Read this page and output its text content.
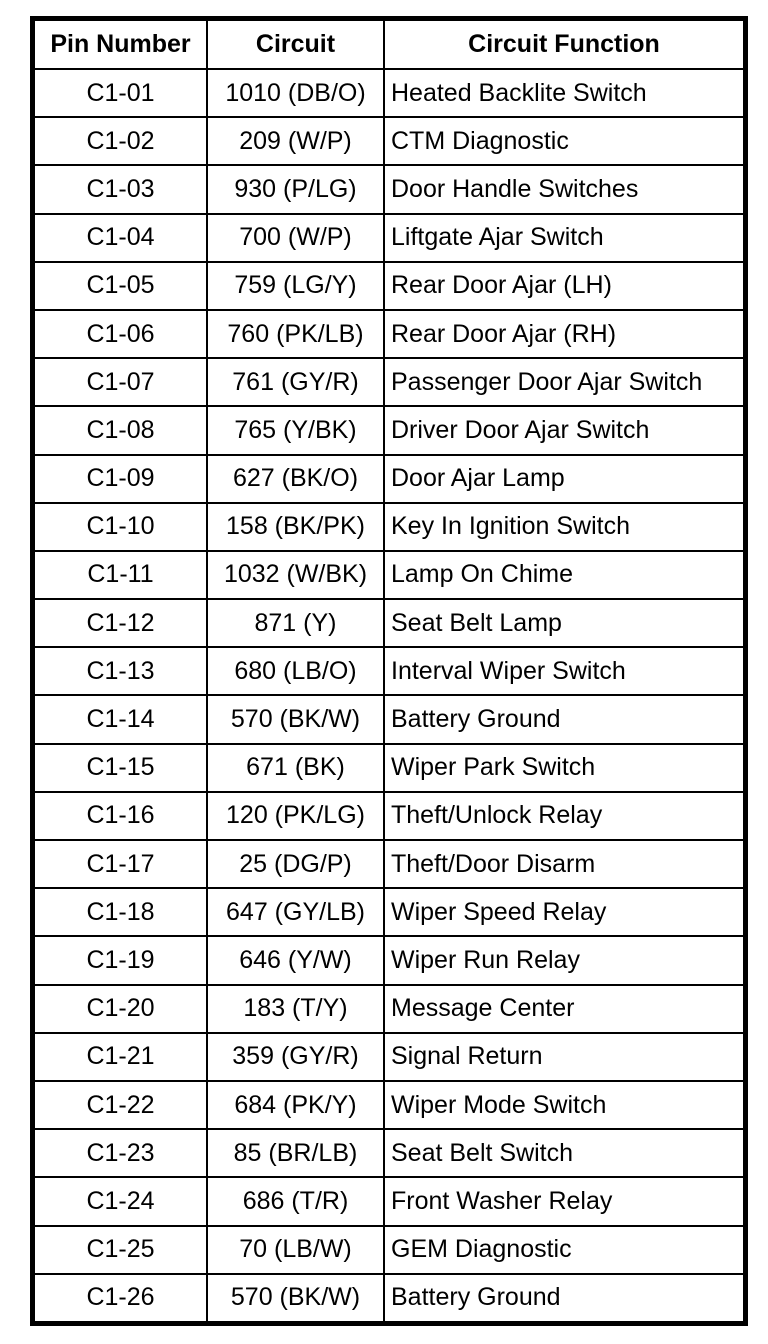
Pin Number	Circuit	Circuit Function
C1-01	1010 (DB/O)	Heated Backlite Switch
C1-02	209 (W/P)	CTM Diagnostic
C1-03	930 (P/LG)	Door Handle Switches
C1-04	700 (W/P)	Liftgate Ajar Switch
C1-05	759 (LG/Y)	Rear Door Ajar (LH)
C1-06	760 (PK/LB)	Rear Door Ajar (RH)
C1-07	761 (GY/R)	Passenger Door Ajar Switch
C1-08	765 (Y/BK)	Driver Door Ajar Switch
C1-09	627 (BK/O)	Door Ajar Lamp
C1-10	158 (BK/PK)	Key In Ignition Switch
C1-11	1032 (W/BK)	Lamp On Chime
C1-12	871 (Y)	Seat Belt Lamp
C1-13	680 (LB/O)	Interval Wiper Switch
C1-14	570 (BK/W)	Battery Ground
C1-15	671 (BK)	Wiper Park Switch
C1-16	120 (PK/LG)	Theft/Unlock Relay
C1-17	25 (DG/P)	Theft/Door Disarm
C1-18	647 (GY/LB)	Wiper Speed Relay
C1-19	646 (Y/W)	Wiper Run Relay
C1-20	183 (T/Y)	Message Center
C1-21	359 (GY/R)	Signal Return
C1-22	684 (PK/Y)	Wiper Mode Switch
C1-23	85 (BR/LB)	Seat Belt Switch
C1-24	686 (T/R)	Front Washer Relay
C1-25	70 (LB/W)	GEM Diagnostic
C1-26	570 (BK/W)	Battery Ground
